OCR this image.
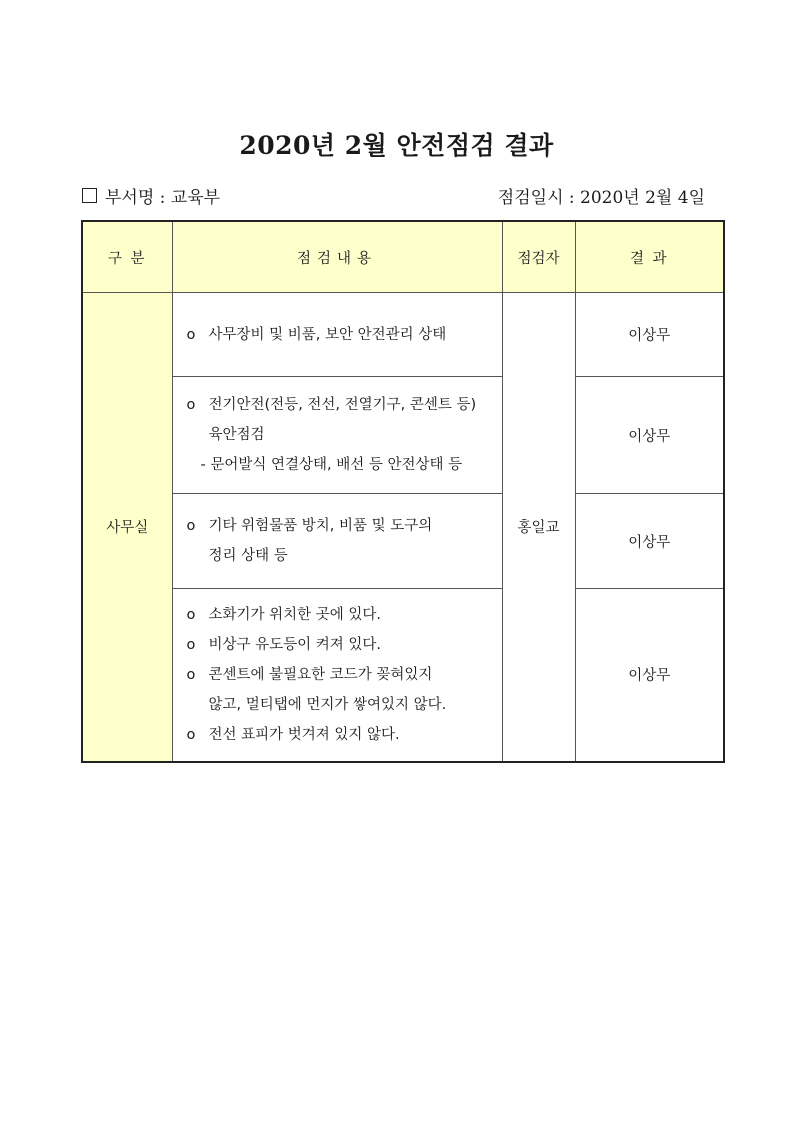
2020년 2월 안전점검 결과
부서명 : 교육부	점검일시 : 2020년 2월 4일
구 분	점검내용	점검자	결 과
사무실	o 사무장비 및 비품, 보안 안전관리 상태	홍일교	이상무

	o 전기안전(전등, 전선, 전열기구, 콘센트 등)
육안점검
- 문어발식 연결상태, 배선 등 안전상태 등		이상무

	o 기타 위험물품 방치, 비품 및 도구의
정리 상태 등		이상무

	o 소화기가 위치한 곳에 있다.
o 비상구 유도등이 켜져 있다.
o 콘센트에 불필요한 코드가 꽂혀있지
않고, 멀티탭에 먼지가 쌓여있지 않다.
o 전선 표피가 벗겨져 있지 않다.		이상무
